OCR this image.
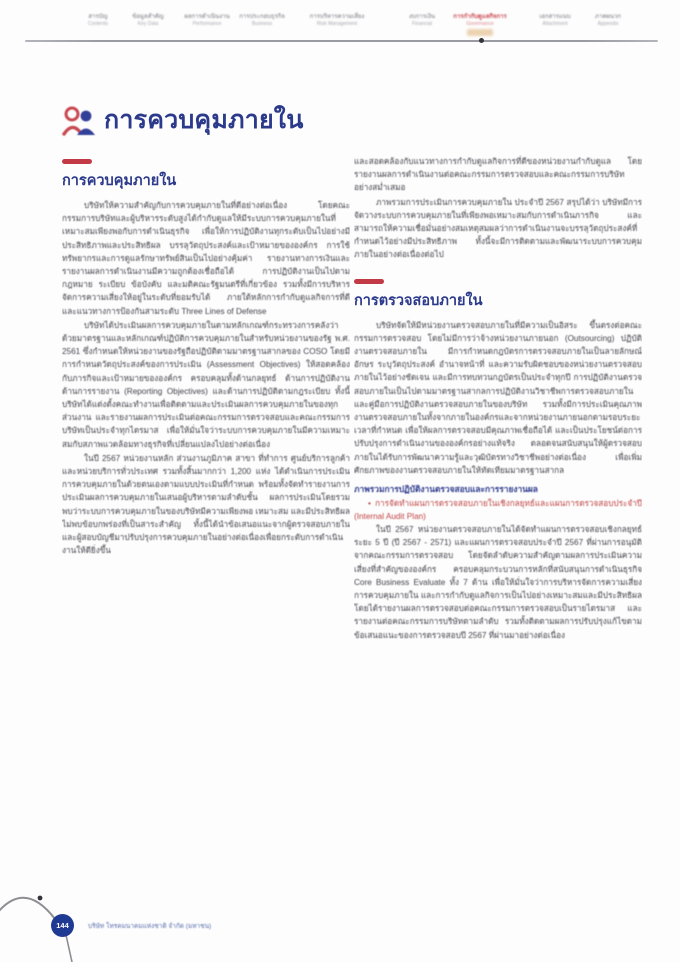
สารบัญ
Contents
ข้อมูลสำคัญ
Key Data
ผลการดำเนินงาน
Performance
การประกอบธุรกิจ
Business
การบริหารความเสี่ยง
Risk Management
งบการเงิน
Financial
การกำกับดูแลกิจการ
Governance
เอกสารแนบ
Attachment
ภาคผนวก
Appendix
การควบคุมภายใน
การควบคุมภายใน

บริษัทให้ความสำคัญกับการควบคุมภายในที่ดีอย่างต่อเนื่อง โดยคณะกรรมการบริษัทและผู้บริหารระดับสูงได้กำกับดูแลให้มีระบบการควบคุมภายในที่เหมาะสมเพียงพอกับการดำเนินธุรกิจ เพื่อให้การปฏิบัติงานทุกระดับเป็นไปอย่างมีประสิทธิภาพและประสิทธิผล บรรลุวัตถุประสงค์และเป้าหมายขององค์กร การใช้ทรัพยากรและการดูแลรักษาทรัพย์สินเป็นไปอย่างคุ้มค่า รายงานทางการเงินและรายงานผลการดำเนินงานมีความถูกต้องเชื่อถือได้ การปฏิบัติงานเป็นไปตามกฎหมาย ระเบียบ ข้อบังคับ และมติคณะรัฐมนตรีที่เกี่ยวข้อง รวมทั้งมีการบริหารจัดการความเสี่ยงให้อยู่ในระดับที่ยอมรับได้ ภายใต้หลักการกำกับดูแลกิจการที่ดีและแนวทางการป้องกันสามระดับ Three Lines of Defense

บริษัทได้ประเมินผลการควบคุมภายในตามหลักเกณฑ์กระทรวงการคลังว่าด้วยมาตรฐานและหลักเกณฑ์ปฏิบัติการควบคุมภายในสำหรับหน่วยงานของรัฐ พ.ศ. 2561 ซึ่งกำหนดให้หน่วยงานของรัฐถือปฏิบัติตามมาตรฐานสากลของ COSO โดยมีการกำหนดวัตถุประสงค์ของการประเมิน (Assessment Objectives) ให้สอดคล้องกับภารกิจและเป้าหมายขององค์กร ครอบคลุมทั้งด้านกลยุทธ์ ด้านการปฏิบัติงาน ด้านการรายงาน (Reporting Objectives) และด้านการปฏิบัติตามกฎระเบียบ ทั้งนี้บริษัทได้แต่งตั้งคณะทำงานเพื่อติดตามและประเมินผลการควบคุมภายในของทุกส่วนงาน และรายงานผลการประเมินต่อคณะกรรมการตรวจสอบและคณะกรรมการบริษัทเป็นประจำทุกไตรมาส เพื่อให้มั่นใจว่าระบบการควบคุมภายในมีความเหมาะสมกับสภาพแวดล้อมทางธุรกิจที่เปลี่ยนแปลงไปอย่างต่อเนื่อง

ในปี 2567 หน่วยงานหลัก ส่วนงานภูมิภาค สาขา ที่ทำการ ศูนย์บริการลูกค้า และหน่วยบริการทั่วประเทศ รวมทั้งสิ้นมากกว่า 1,200 แห่ง ได้ดำเนินการประเมินการควบคุมภายในด้วยตนเองตามแบบประเมินที่กำหนด พร้อมทั้งจัดทำรายงานการประเมินผลการควบคุมภายในเสนอผู้บริหารตามลำดับชั้น ผลการประเมินโดยรวมพบว่าระบบการควบคุมภายในของบริษัทมีความเพียงพอ เหมาะสม และมีประสิทธิผล ไม่พบข้อบกพร่องที่เป็นสาระสำคัญ ทั้งนี้ได้นำข้อเสนอแนะจากผู้ตรวจสอบภายในและผู้สอบบัญชีมาปรับปรุงการควบคุมภายในอย่างต่อเนื่องเพื่อยกระดับการดำเนินงานให้ดียิ่งขึ้น

และสอดคล้องกับแนวทางการกำกับดูแลกิจการที่ดีของหน่วยงานกำกับดูแล โดยรายงานผลการดำเนินงานต่อคณะกรรมการตรวจสอบและคณะกรรมการบริษัทอย่างสม่ำเสมอ

ภาพรวมการประเมินการควบคุมภายใน ประจำปี 2567 สรุปได้ว่า บริษัทมีการจัดวางระบบการควบคุมภายในที่เพียงพอเหมาะสมกับการดำเนินภารกิจ และสามารถให้ความเชื่อมั่นอย่างสมเหตุสมผลว่าการดำเนินงานจะบรรลุวัตถุประสงค์ที่กำหนดไว้อย่างมีประสิทธิภาพ ทั้งนี้จะมีการติดตามและพัฒนาระบบการควบคุมภายในอย่างต่อเนื่องต่อไป

การตรวจสอบภายใน

บริษัทจัดให้มีหน่วยงานตรวจสอบภายในที่มีความเป็นอิสระ ขึ้นตรงต่อคณะกรรมการตรวจสอบ โดยไม่มีการว่าจ้างหน่วยงานภายนอก (Outsourcing) ปฏิบัติงานตรวจสอบภายใน มีการกำหนดกฎบัตรการตรวจสอบภายในเป็นลายลักษณ์อักษร ระบุวัตถุประสงค์ อำนาจหน้าที่ และความรับผิดชอบของหน่วยงานตรวจสอบภายในไว้อย่างชัดเจน และมีการทบทวนกฎบัตรเป็นประจำทุกปี การปฏิบัติงานตรวจสอบภายในเป็นไปตามมาตรฐานสากลการปฏิบัติงานวิชาชีพการตรวจสอบภายใน และคู่มือการปฏิบัติงานตรวจสอบภายในของบริษัท รวมทั้งมีการประเมินคุณภาพงานตรวจสอบภายในทั้งจากภายในองค์กรและจากหน่วยงานภายนอกตามรอบระยะเวลาที่กำหนด เพื่อให้ผลการตรวจสอบมีคุณภาพเชื่อถือได้ และเป็นประโยชน์ต่อการปรับปรุงการดำเนินงานขององค์กรอย่างแท้จริง ตลอดจนสนับสนุนให้ผู้ตรวจสอบภายในได้รับการพัฒนาความรู้และวุฒิบัตรทางวิชาชีพอย่างต่อเนื่อง เพื่อเพิ่มศักยภาพของงานตรวจสอบภายในให้ทัดเทียมมาตรฐานสากล

ภาพรวมการปฏิบัติงานตรวจสอบและการรายงานผล
• การจัดทำแผนการตรวจสอบภายในเชิงกลยุทธ์และแผนการตรวจสอบประจำปี (Internal Audit Plan)

ในปี 2567 หน่วยงานตรวจสอบภายในได้จัดทำแผนการตรวจสอบเชิงกลยุทธ์ระยะ 5 ปี (ปี 2567 - 2571) และแผนการตรวจสอบประจำปี 2567 ที่ผ่านการอนุมัติจากคณะกรรมการตรวจสอบ โดยจัดลำดับความสำคัญตามผลการประเมินความเสี่ยงที่สำคัญขององค์กร ครอบคลุมกระบวนการหลักที่สนับสนุนการดำเนินธุรกิจ Core Business Evaluate ทั้ง 7 ด้าน เพื่อให้มั่นใจว่าการบริหารจัดการความเสี่ยง การควบคุมภายใน และการกำกับดูแลกิจการเป็นไปอย่างเหมาะสมและมีประสิทธิผล โดยได้รายงานผลการตรวจสอบต่อคณะกรรมการตรวจสอบเป็นรายไตรมาส และรายงานต่อคณะกรรมการบริษัทตามลำดับ รวมทั้งติดตามผลการปรับปรุงแก้ไขตามข้อเสนอแนะของการตรวจสอบปี 2567 ที่ผ่านมาอย่างต่อเนื่อง

144	บริษัท โทรคมนาคมแห่งชาติ จำกัด (มหาชน)
